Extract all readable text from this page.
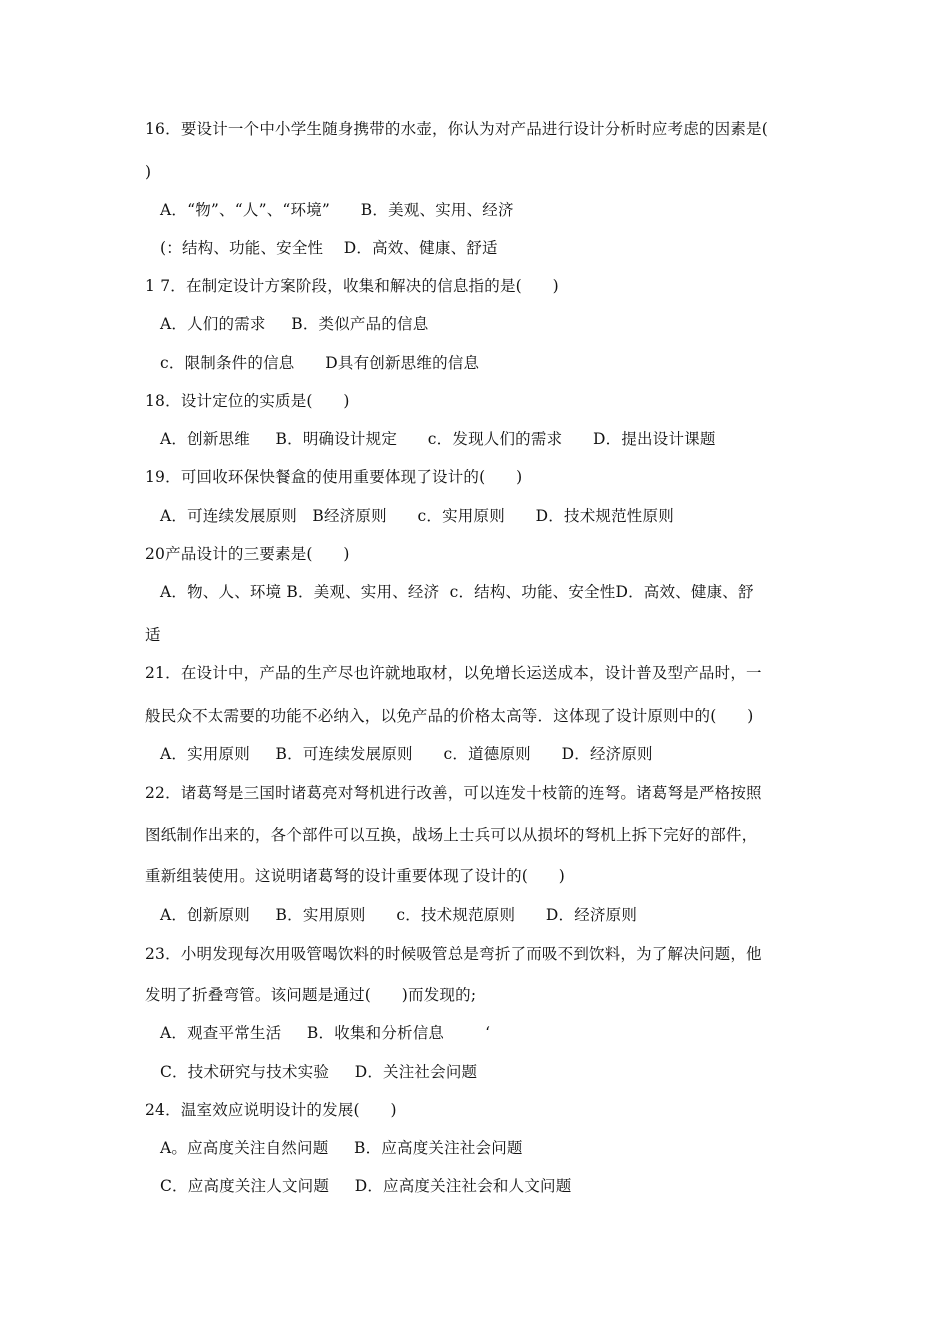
16．要设计一个中小学生随身携带的水壶，你认为对产品进行设计分析时应考虑的因素是(
)
A．“物”、“人”、“环境”      B．美观、实用、经济
(：结构、功能、安全性    D．高效、健康、舒适
1 7．在制定设计方案阶段，收集和解决的信息指的是(      )
A．人们的需求     B．类似产品的信息
c．限制条件的信息      D具有创新思维的信息
18．设计定位的实质是(      )
A．创新思维     B．明确设计规定      c．发现人们的需求      D．提出设计课题
19．可回收环保快餐盒的使用重要体现了设计的(      )
A．可连续发展原则   B经济原则      c．实用原则      D．技术规范性原则
20产品设计的三要素是(      )
A．物、人、环境 B．美观、实用、经济  c．结构、功能、安全性D．高效、健康、舒
适
21．在设计中，产品的生产尽也许就地取材，以免增长运送成本，设计普及型产品时，一
般民众不太需要的功能不必纳入，以免产品的价格太高等．这体现了设计原则中的(      )
A．实用原则     B．可连续发展原则      c．道德原则      D．经济原则
22．诸葛弩是三国时诸葛亮对弩机进行改善，可以连发十枝箭的连弩。诸葛弩是严格按照
图纸制作出来的，各个部件可以互换，战场上士兵可以从损坏的弩机上拆下完好的部件，
重新组装使用。这说明诸葛弩的设计重要体现了设计的(      )
A．创新原则     B．实用原则      c．技术规范原则      D．经济原则
23．小明发现每次用吸管喝饮料的时候吸管总是弯折了而吸不到饮料，为了解决问题，他
发明了折叠弯管。该问题是通过(      )而发现的;
A．观查平常生活     B．收集和分析信息        ‘
C．技术研究与技术实验     D．关注社会问题
24．温室效应说明设计的发展(      )
A。应高度关注自然问题     B．应高度关注社会问题
C．应高度关注人文问题     D．应高度关注社会和人文问题
